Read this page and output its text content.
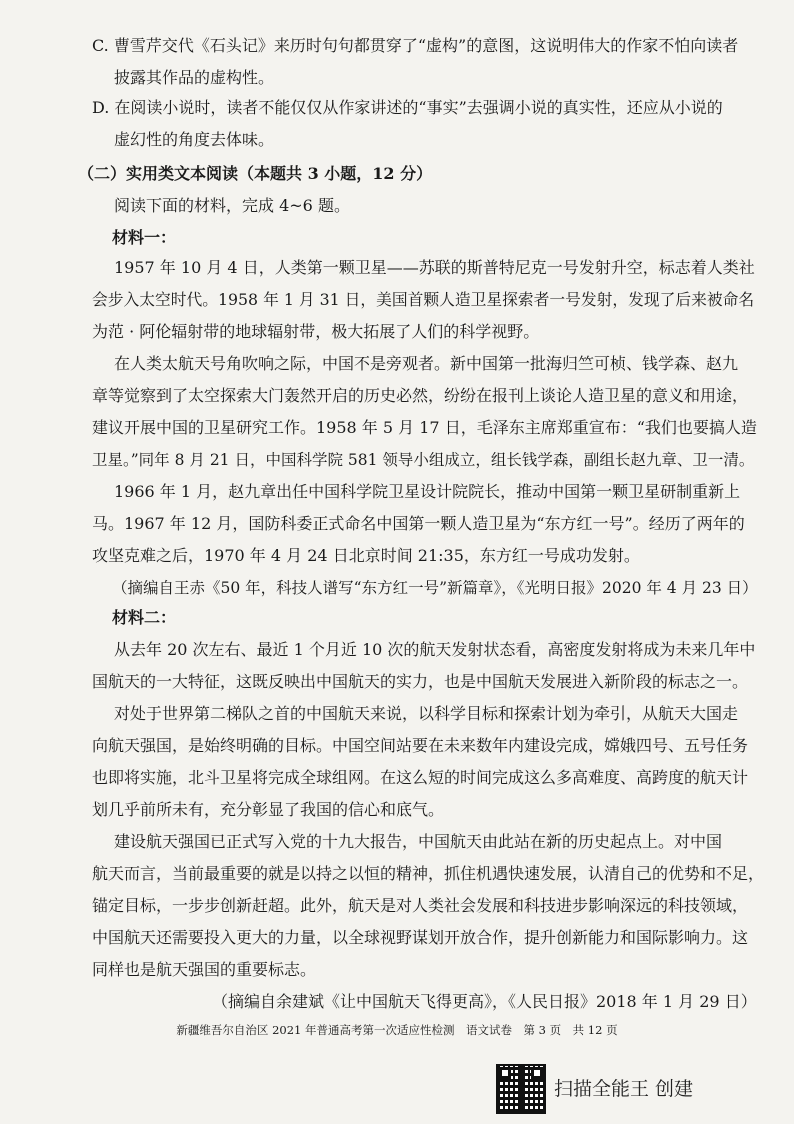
C. 曹雪芹交代《石头记》来历时句句都贯穿了“虚构”的意图，这说明伟大的作家不怕向读者
披露其作品的虚构性。
D. 在阅读小说时，读者不能仅仅从作家讲述的“事实”去强调小说的真实性，还应从小说的
虚幻性的角度去体味。
（二）实用类文本阅读（本题共 3 小题，12 分）
阅读下面的材料，完成 4~6 题。
材料一：
1957 年 10 月 4 日，人类第一颗卫星——苏联的斯普特尼克一号发射升空，标志着人类社
会步入太空时代。1958 年 1 月 31 日，美国首颗人造卫星探索者一号发射，发现了后来被命名
为范 · 阿伦辐射带的地球辐射带，极大拓展了人们的科学视野。
在人类太航天号角吹响之际，中国不是旁观者。新中国第一批海归竺可桢、钱学森、赵九
章等觉察到了太空探索大门轰然开启的历史必然，纷纷在报刊上谈论人造卫星的意义和用途，
建议开展中国的卫星研究工作。1958 年 5 月 17 日，毛泽东主席郑重宣布：“我们也要搞人造
卫星。”同年 8 月 21 日，中国科学院 581 领导小组成立，组长钱学森，副组长赵九章、卫一清。
1966 年 1 月，赵九章出任中国科学院卫星设计院院长，推动中国第一颗卫星研制重新上
马。1967 年 12 月，国防科委正式命名中国第一颗人造卫星为“东方红一号”。经历了两年的
攻坚克难之后，1970 年 4 月 24 日北京时间 21:35，东方红一号成功发射。
（摘编自王赤《50 年，科技人谱写“东方红一号”新篇章》，《光明日报》2020 年 4 月 23 日）
材料二：
从去年 20 次左右、最近 1 个月近 10 次的航天发射状态看，高密度发射将成为未来几年中
国航天的一大特征，这既反映出中国航天的实力，也是中国航天发展进入新阶段的标志之一。
对处于世界第二梯队之首的中国航天来说，以科学目标和探索计划为牵引，从航天大国走
向航天强国，是始终明确的目标。中国空间站要在未来数年内建设完成，嫦娥四号、五号任务
也即将实施，北斗卫星将完成全球组网。在这么短的时间完成这么多高难度、高跨度的航天计
划几乎前所未有，充分彰显了我国的信心和底气。
建设航天强国已正式写入党的十九大报告，中国航天由此站在新的历史起点上。对中国
航天而言，当前最重要的就是以持之以恒的精神，抓住机遇快速发展，认清自己的优势和不足，
锚定目标，一步步创新赶超。此外，航天是对人类社会发展和科技进步影响深远的科技领域，
中国航天还需要投入更大的力量，以全球视野谋划开放合作，提升创新能力和国际影响力。这
同样也是航天强国的重要标志。
（摘编自余建斌《让中国航天飞得更高》，《人民日报》2018 年 1 月 29 日）
新疆维吾尔自治区 2021 年普通高考第一次适应性检测　语文试卷　第 3 页　共 12 页
扫描全能王 创建
